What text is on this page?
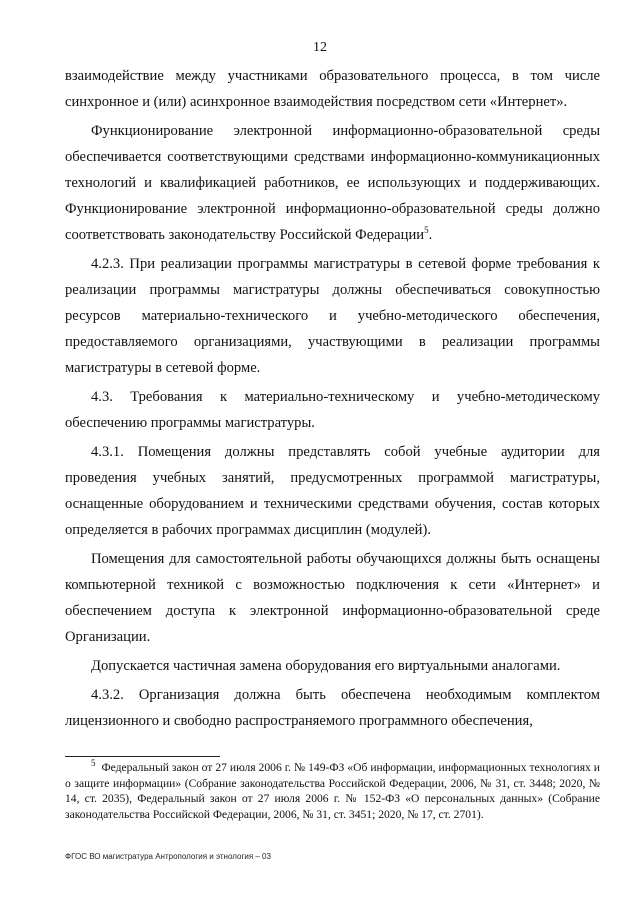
12

взаимодействие между участниками образовательного процесса, в том числе синхронное и (или) асинхронное взаимодействия посредством сети «Интернет».

Функционирование электронной информационно-образовательной среды обеспечивается соответствующими средствами информационно-коммуникационных технологий и квалификацией работников, ее использующих и поддерживающих. Функционирование электронной информационно-образовательной среды должно соответствовать законодательству Российской Федерации$^5$.

4.2.3. При реализации программы магистратуры в сетевой форме требования к реализации программы магистратуры должны обеспечиваться совокупностью ресурсов материально-технического и учебно-методического обеспечения, предоставляемого организациями, участвующими в реализации программы магистратуры в сетевой форме.

4.3. Требования к материально-техническому и учебно-методическому обеспечению программы магистратуры.

4.3.1. Помещения должны представлять собой учебные аудитории для проведения учебных занятий, предусмотренных программой магистратуры, оснащенные оборудованием и техническими средствами обучения, состав которых определяется в рабочих программах дисциплин (модулей).

Помещения для самостоятельной работы обучающихся должны быть оснащены компьютерной техникой с возможностью подключения к сети «Интернет» и обеспечением доступа к электронной информационно-образовательной среде Организации.

Допускается частичная замена оборудования его виртуальными аналогами.

4.3.2. Организация должна быть обеспечена необходимым комплектом лицензионного и свободно распространяемого программного обеспечения,

$^5$ Федеральный закон от 27 июля 2006 г. № 149-ФЗ «Об информации, информационных технологиях и о защите информации» (Собрание законодательства Российской Федерации, 2006, № 31, ст. 3448; 2020, № 14, ст. 2035), Федеральный закон от 27 июля 2006 г. № 152-ФЗ «О персональных данных» (Собрание законодательства Российской Федерации, 2006, № 31, ст. 3451; 2020, № 17, ст. 2701).

ФГОС ВО магистратура Антропология и этнология – 03
